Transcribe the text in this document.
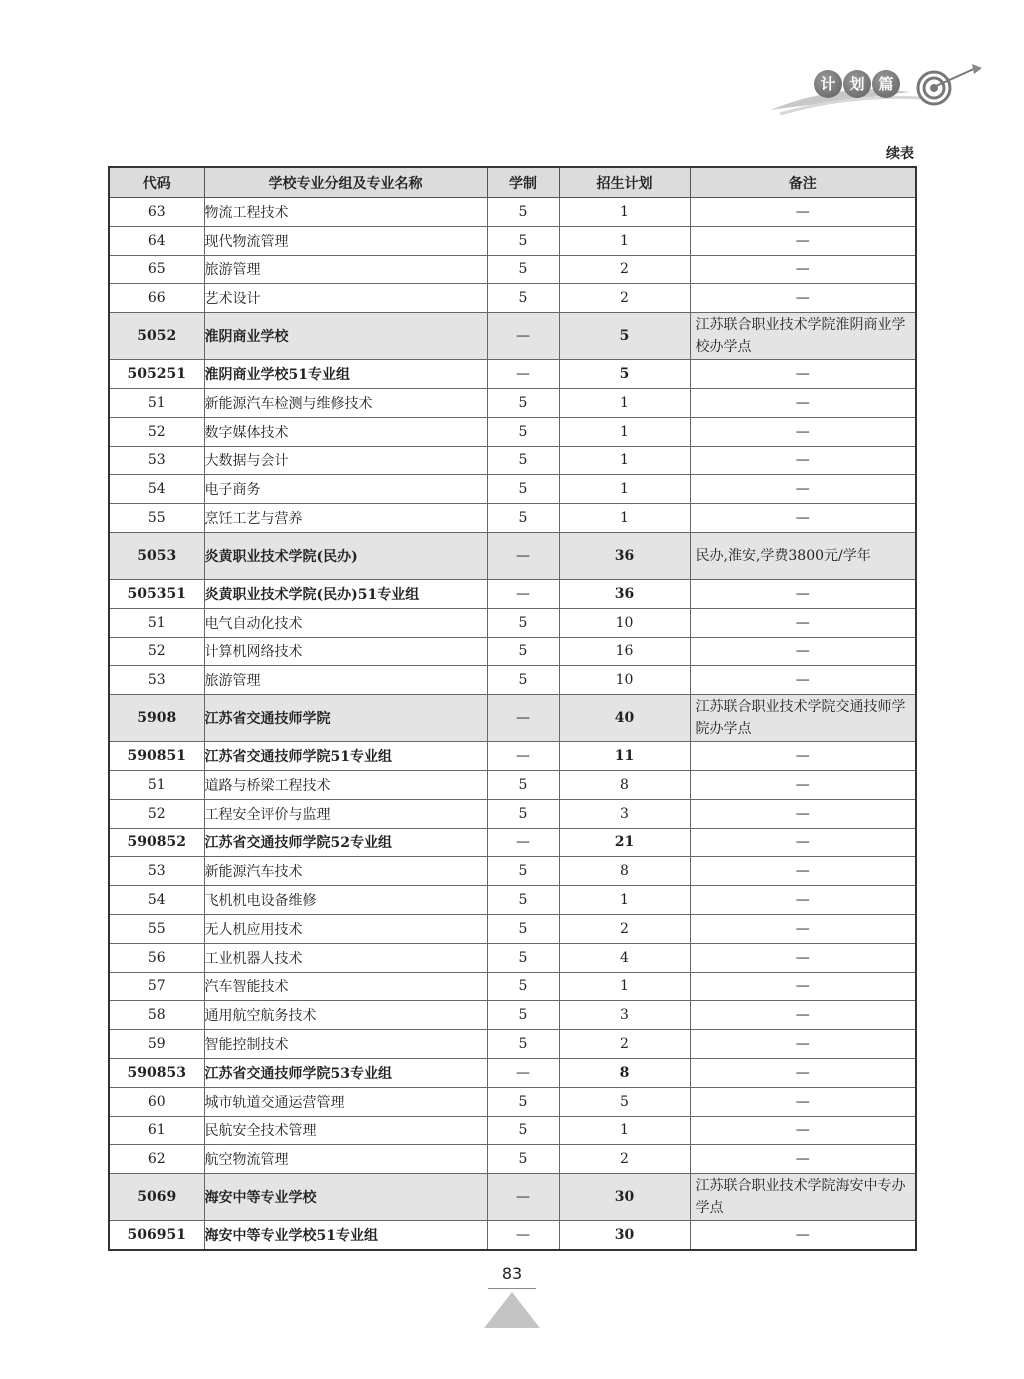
计 划 篇
续表
代码	学校专业分组及专业名称	学制	招生计划	备注
63	物流工程技术	5	1	—
64	现代物流管理	5	1	—
65	旅游管理	5	2	—
66	艺术设计	5	2	—
5052	淮阴商业学校	—	5	江苏联合职业技术学院淮阴商业学校办学点
505251	淮阴商业学校51专业组	—	5	—
51	新能源汽车检测与维修技术	5	1	—
52	数字媒体技术	5	1	—
53	大数据与会计	5	1	—
54	电子商务	5	1	—
55	烹饪工艺与营养	5	1	—
5053	炎黄职业技术学院(民办)	—	36	民办,淮安,学费3800元/学年
505351	炎黄职业技术学院(民办)51专业组	—	36	—
51	电气自动化技术	5	10	—
52	计算机网络技术	5	16	—
53	旅游管理	5	10	—
5908	江苏省交通技师学院	—	40	江苏联合职业技术学院交通技师学院办学点
590851	江苏省交通技师学院51专业组	—	11	—
51	道路与桥梁工程技术	5	8	—
52	工程安全评价与监理	5	3	—
590852	江苏省交通技师学院52专业组	—	21	—
53	新能源汽车技术	5	8	—
54	飞机机电设备维修	5	1	—
55	无人机应用技术	5	2	—
56	工业机器人技术	5	4	—
57	汽车智能技术	5	1	—
58	通用航空航务技术	5	3	—
59	智能控制技术	5	2	—
590853	江苏省交通技师学院53专业组	—	8	—
60	城市轨道交通运营管理	5	5	—
61	民航安全技术管理	5	1	—
62	航空物流管理	5	2	—
5069	海安中等专业学校	—	30	江苏联合职业技术学院海安中专办学点
506951	海安中等专业学校51专业组	—	30	—
83
